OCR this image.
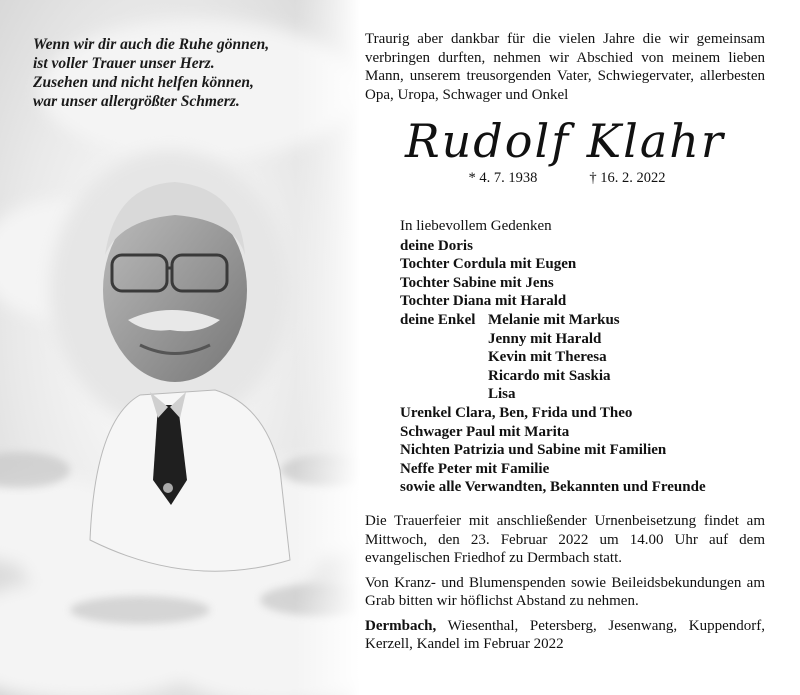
Wenn wir dir auch die Ruhe gönnen,
ist voller Trauer unser Herz.
Zusehen und nicht helfen können,
war unser allergrößter Schmerz.

Traurig aber dankbar für die vielen Jahre die wir gemeinsam verbringen durften, nehmen wir Abschied von meinem lieben Mann, unserem treusorgenden Vater, Schwiegervater, allerbesten Opa, Uropa, Schwager und Onkel

Rudolf Klahr
* 4. 7. 1938	† 16. 2. 2022
In liebevollem Gedenken
deine Doris
Tochter Cordula mit Eugen
Tochter Sabine mit Jens
Tochter Diana mit Harald
deine Enkel Melanie mit Markus
Jenny mit Harald
Kevin mit Theresa
Ricardo mit Saskia
Lisa
Urenkel Clara, Ben, Frida und Theo
Schwager Paul mit Marita
Nichten Patrizia und Sabine mit Familien
Neffe Peter mit Familie
sowie alle Verwandten, Bekannten und Freunde

Die Trauerfeier mit anschließender Urnenbeisetzung findet am Mittwoch, den 23. Februar 2022 um 14.00 Uhr auf dem evangelischen Friedhof zu Dermbach statt.

Von Kranz- und Blumenspenden sowie Beileidsbekundungen am Grab bitten wir höflichst Abstand zu nehmen.

Dermbach, Wiesenthal, Petersberg, Jesenwang, Kuppendorf, Kerzell, Kandel im Februar 2022
